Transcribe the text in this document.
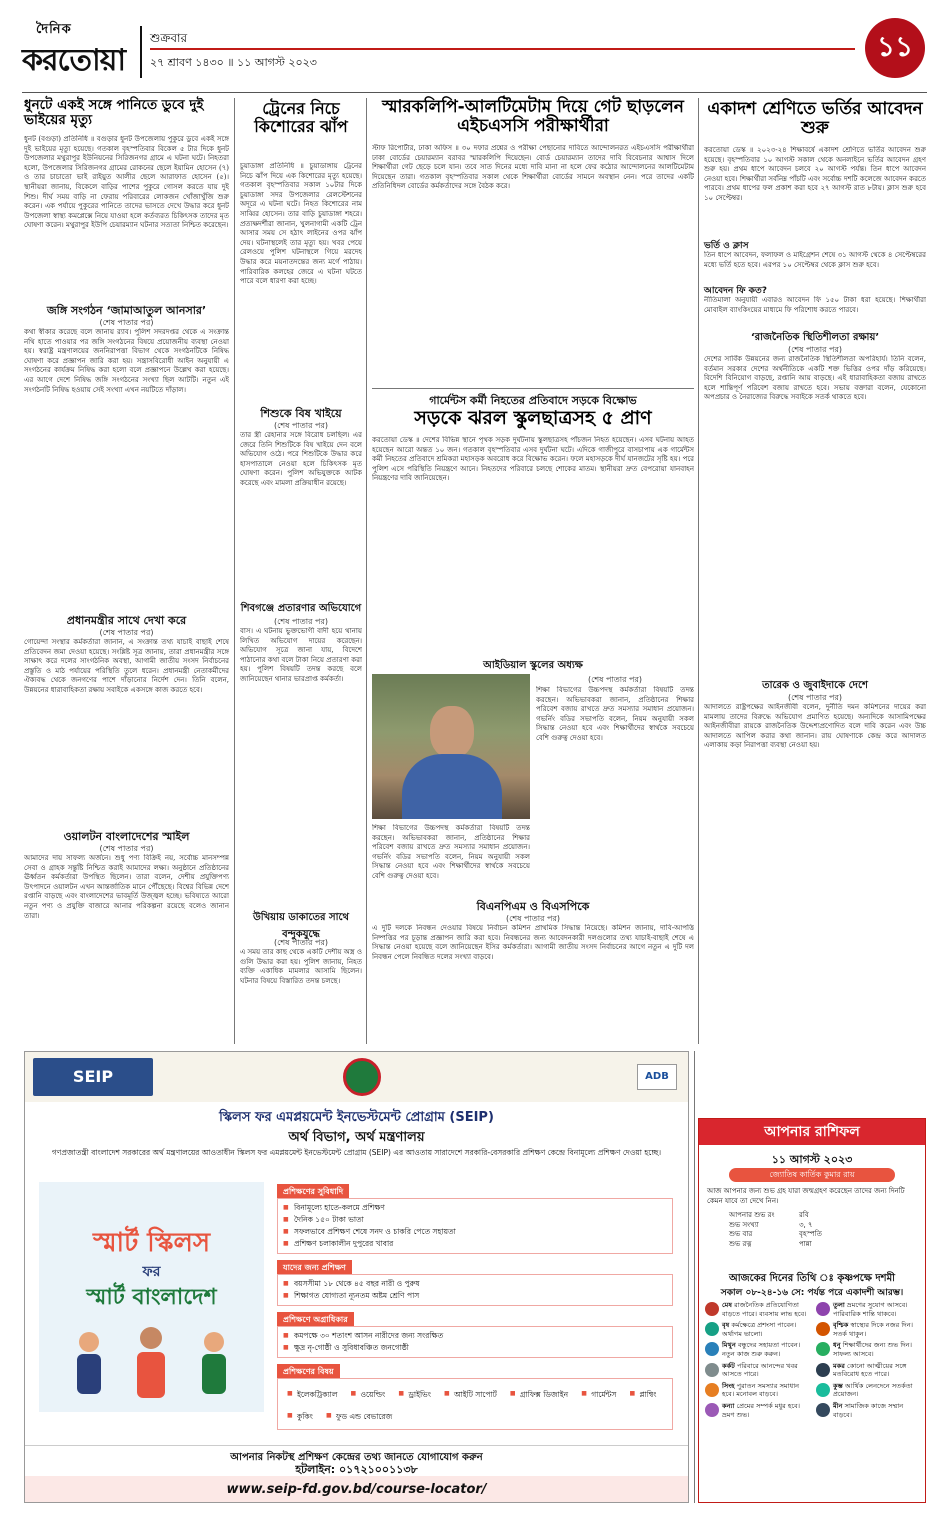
দৈনিক
করতোয়া
শুক্রবার
২৭ শ্রাবণ ১৪৩০ ॥ ১১ আগস্ট ২০২৩	১১
ধুনটে একই সঙ্গে পানিতে ডুবে দুই ভাইয়ের মৃত্যু
ধুনট (বগুড়া) প্রতিনিধি ॥ বগুড়ার ধুনট উপজেলায় পুকুরে ডুবে একই সঙ্গে দুই ভাইয়ের মৃত্যু হয়েছে। গতকাল বৃহস্পতিবার বিকেল ৫ টার দিকে ধুনট উপজেলার মথুরাপুর ইউনিয়নের সিরিজনগর গ্রামে এ ঘটনা ঘটে। নিহতরা হলো, উপজেলার সিরিজনগর গ্রামের রোকনের ছেলে ইয়ামিন হোসেন (৭) ও তার চাচাতো ভাই রাইয়ুত আলীর ছেলে আরাফাত হোসেন (৫)। স্থানীয়রা জানায়, বিকেলে বাড়ির পাশের পুকুরে গোসল করতে যায় দুই শিশু। দীর্ঘ সময় বাড়ি না ফেরায় পরিবারের লোকজন খোঁজাখুঁজি শুরু করেন। এক পর্যায়ে পুকুরের পানিতে তাদের ভাসতে দেখে উদ্ধার করে ধুনট উপজেলা স্বাস্থ্য কমপ্লেক্সে নিয়ে যাওয়া হলে কর্তব্যরত চিকিৎসক তাদের মৃত ঘোষণা করেন। মথুরাপুর ইউপি চেয়ারম্যান ঘটনার সত্যতা নিশ্চিত করেছেন।
জঙ্গি সংগঠন ‘জামাআতুল আনসার’
(শেষ পাতার পর)
কথা স্বীকার করেছে বলে জানায় র‌্যাব। পুলিশ সদরদপ্তর থেকে এ সংক্রান্ত নথি হাতে পাওয়ার পর জঙ্গি সংগঠনের বিষয়ে প্রয়োজনীয় ব্যবস্থা নেওয়া হয়। স্বরাষ্ট্র মন্ত্রণালয়ের জননিরাপত্তা বিভাগ থেকে সংগঠনটিকে নিষিদ্ধ ঘোষণা করে প্রজ্ঞাপন জারি করা হয়। সন্ত্রাসবিরোধী আইন অনুযায়ী এ সংগঠনের কার্যক্রম নিষিদ্ধ করা হলো বলে প্রজ্ঞাপনে উল্লেখ করা হয়েছে। এর আগে দেশে নিষিদ্ধ জঙ্গি সংগঠনের সংখ্যা ছিল আটটি। নতুন এই সংগঠনটি নিষিদ্ধ হওয়ায় সেই সংখ্যা এখন নয়টিতে দাঁড়াল।
প্রধানমন্ত্রীর সাথে দেখা করে
(শেষ পাতার পর)
গোয়েন্দা সংস্থার কর্মকর্তারা জানান, এ সংক্রান্ত তথ্য যাচাই বাছাই শেষে প্রতিবেদন জমা দেওয়া হয়েছে। সংশ্লিষ্ট সূত্র জানায়, তারা প্রধানমন্ত্রীর সঙ্গে সাক্ষাৎ করে দলের সাংগঠনিক অবস্থা, আগামী জাতীয় সংসদ নির্বাচনের প্রস্তুতি ও মাঠ পর্যায়ের পরিস্থিতি তুলে ধরেন। প্রধানমন্ত্রী নেতাকর্মীদের ঐক্যবদ্ধ থেকে জনগণের পাশে দাঁড়ানোর নির্দেশ দেন। তিনি বলেন, উন্নয়নের ধারাবাহিকতা রক্ষায় সবাইকে একসঙ্গে কাজ করতে হবে।
ওয়ালটন বাংলাদেশের স্মাইল
(শেষ পাতার পর)
আমাদের দায় সাফল্য অর্জনে। শুধু পণ্য বিক্রিই নয়, সর্বোচ্চ মানসম্পন্ন সেবা ও গ্রাহক সন্তুষ্টি নিশ্চিত করাই আমাদের লক্ষ্য। অনুষ্ঠানে প্রতিষ্ঠানের ঊর্ধ্বতন কর্মকর্তারা উপস্থিত ছিলেন। তারা বলেন, দেশীয় প্রযুক্তিপণ্য উৎপাদনে ওয়ালটন এখন আন্তর্জাতিক মানে পৌঁছেছে। বিশ্বের বিভিন্ন দেশে রপ্তানি বাড়ছে এবং বাংলাদেশের ভাবমূর্তি উজ্জ্বল হচ্ছে। ভবিষ্যতে আরো নতুন পণ্য ও প্রযুক্তি বাজারে আনার পরিকল্পনা রয়েছে বলেও জানান তারা।
ট্রেনের নিচে কিশোরের ঝাঁপ
চুয়াডাঙ্গা প্রতিনিধি ॥ চুয়াডাঙ্গায় ট্রেনের নিচে ঝাঁপ দিয়ে এক কিশোরের মৃত্যু হয়েছে। গতকাল বৃহস্পতিবার সকাল ১০টার দিকে চুয়াডাঙ্গা সদর উপজেলার রেলস্টেশনের অদূরে এ ঘটনা ঘটে। নিহত কিশোরের নাম সাব্বির হোসেন। তার বাড়ি চুয়াডাঙ্গা শহরে। প্রত্যক্ষদর্শীরা জানান, খুলনাগামী একটি ট্রেন আসার সময় সে হঠাৎ লাইনের ওপর ঝাঁপ দেয়। ঘটনাস্থলেই তার মৃত্যু হয়। খবর পেয়ে রেলওয়ে পুলিশ ঘটনাস্থলে গিয়ে মরদেহ উদ্ধার করে ময়নাতদন্তের জন্য মর্গে পাঠায়। পারিবারিক কলহের জেরে এ ঘটনা ঘটতে পারে বলে ধারণা করা হচ্ছে।
শিশুকে বিষ খাইয়ে
(শেষ পাতার পর)
তার স্ত্রী রেহানার সঙ্গে বিরোধ চলছিল। এর জেরে তিনি শিশুটিকে বিষ খাইয়ে দেন বলে অভিযোগ ওঠে। পরে শিশুটিকে উদ্ধার করে হাসপাতালে নেওয়া হলে চিকিৎসক মৃত ঘোষণা করেন। পুলিশ অভিযুক্তকে আটক করেছে এবং মামলা প্রক্রিয়াধীন রয়েছে।
শিবগঞ্জে প্রতারণার অভিযোগে
(শেষ পাতার পর)
বাস। এ ঘটনায় ভুক্তভোগী বাদী হয়ে থানায় লিখিত অভিযোগ দায়ের করেছেন। অভিযোগ সূত্রে জানা যায়, বিদেশে পাঠানোর কথা বলে টাকা নিয়ে প্রতারণা করা হয়। পুলিশ বিষয়টি তদন্ত করছে বলে জানিয়েছেন থানার ভারপ্রাপ্ত কর্মকর্তা।
উখিয়ায় ডাকাতের সাথে বন্দুকযুদ্ধে
(শেষ পাতার পর)
এ সময় তার কাছ থেকে একটি দেশীয় অস্ত্র ও গুলি উদ্ধার করা হয়। পুলিশ জানায়, নিহত ব্যক্তি একাধিক মামলার আসামি ছিলেন। ঘটনার বিষয়ে বিস্তারিত তদন্ত চলছে।
স্মারকলিপি-আলটিমেটাম দিয়ে গেট ছাড়লেন এইচএসসি পরীক্ষার্থীরা
স্টাফ রিপোর্টার, ঢাকা অফিস ॥ ৩০ দফার প্রশ্নের ও পরীক্ষা পেছানোর দাবিতে আন্দোলনরত এইচএসসি পরীক্ষার্থীরা ঢাকা বোর্ডের চেয়ারম্যান বরাবর স্মারকলিপি দিয়েছেন। বোর্ড চেয়ারম্যান তাদের দাবি বিবেচনার আশ্বাস দিলে শিক্ষার্থীরা গেট ছেড়ে চলে যান। তবে সাত দিনের মধ্যে দাবি মানা না হলে ফের কঠোর আন্দোলনের আলটিমেটাম দিয়েছেন তারা। গতকাল বৃহস্পতিবার সকাল থেকে শিক্ষার্থীরা বোর্ডের সামনে অবস্থান নেন। পরে তাদের একটি প্রতিনিধিদল বোর্ডের কর্মকর্তাদের সঙ্গে বৈঠক করে।
গার্মেন্টস কর্মী নিহতের প্রতিবাদে সড়কে বিক্ষোভ
সড়কে ঝরল স্কুলছাত্রসহ ৫ প্রাণ
করতোয়া ডেস্ক ॥ দেশের বিভিন্ন স্থানে পৃথক সড়ক দুর্ঘটনায় স্কুলছাত্রসহ পাঁচজন নিহত হয়েছেন। এসব ঘটনায় আহত হয়েছেন আরো অন্তত ১০ জন। গতকাল বৃহস্পতিবার এসব দুর্ঘটনা ঘটে। এদিকে গাজীপুরে বাসচাপায় এক গার্মেন্টস কর্মী নিহতের প্রতিবাদে শ্রমিকরা মহাসড়ক অবরোধ করে বিক্ষোভ করেন। ফলে মহাসড়কে দীর্ঘ যানজটের সৃষ্টি হয়। পরে পুলিশ এসে পরিস্থিতি নিয়ন্ত্রণে আনে। নিহতদের পরিবারে চলছে শোকের মাতম। স্থানীয়রা দ্রুত বেপরোয়া যানবাহন নিয়ন্ত্রণের দাবি জানিয়েছেন।
আইডিয়াল স্কুলের অধ্যক্ষ
(শেষ পাতার পর)
শিক্ষা বিভাগের উচ্চপদস্থ কর্মকর্তারা বিষয়টি তদন্ত করছেন। অভিভাবকরা জানান, প্রতিষ্ঠানের শিক্ষার পরিবেশ বজায় রাখতে দ্রুত সমস্যার সমাধান প্রয়োজন। গভর্নিং বডির সভাপতি বলেন, নিয়ম অনুযায়ী সকল সিদ্ধান্ত নেওয়া হবে এবং শিক্ষার্থীদের স্বার্থকে সবচেয়ে বেশি গুরুত্ব দেওয়া হবে।
শিক্ষা বিভাগের উচ্চপদস্থ কর্মকর্তারা বিষয়টি তদন্ত করছেন। অভিভাবকরা জানান, প্রতিষ্ঠানের শিক্ষার পরিবেশ বজায় রাখতে দ্রুত সমস্যার সমাধান প্রয়োজন। গভর্নিং বডির সভাপতি বলেন, নিয়ম অনুযায়ী সকল সিদ্ধান্ত নেওয়া হবে এবং শিক্ষার্থীদের স্বার্থকে সবচেয়ে বেশি গুরুত্ব দেওয়া হবে।
বিএনপিএম ও বিএসপিকে
(শেষ পাতার পর)
এ দুটি দলকে নিবন্ধন দেওয়ার বিষয়ে নির্বাচন কমিশন প্রাথমিক সিদ্ধান্ত নিয়েছে। কমিশন জানায়, দাবি-আপত্তি নিষ্পত্তির পর চূড়ান্ত প্রজ্ঞাপন জারি করা হবে। নিবন্ধনের জন্য আবেদনকারী দলগুলোর তথ্য যাচাই-বাছাই শেষে এ সিদ্ধান্ত নেওয়া হয়েছে বলে জানিয়েছেন ইসির কর্মকর্তারা। আগামী জাতীয় সংসদ নির্বাচনের আগে নতুন এ দুটি দল নিবন্ধন পেলে নিবন্ধিত দলের সংখ্যা বাড়বে।
একাদশ শ্রেণিতে ভর্তির আবেদন শুরু
করতোয়া ডেস্ক ॥ ২০২৩-২৪ শিক্ষাবর্ষে একাদশ শ্রেণিতে ভর্তির আবেদন শুরু হয়েছে। বৃহস্পতিবার ১০ আগস্ট সকাল থেকে অনলাইনে ভর্তির আবেদন গ্রহণ শুরু হয়। প্রথম ধাপে আবেদন চলবে ২০ আগস্ট পর্যন্ত। তিন ধাপে আবেদন নেওয়া হবে। শিক্ষার্থীরা সর্বনিম্ন পাঁচটি এবং সর্বোচ্চ দশটি কলেজে আবেদন করতে পারবে। প্রথম ধাপের ফল প্রকাশ করা হবে ২৭ আগস্ট রাত ৮টায়। ক্লাস শুরু হবে ১০ সেপ্টেম্বর।
ভর্তি ও ক্লাস
তিন ধাপে আবেদন, ফলাফল ও মাইগ্রেশন শেষে ৩১ আগস্ট থেকে ৪ সেপ্টেম্বরের মধ্যে ভর্তি হতে হবে। এরপর ১০ সেপ্টেম্বর থেকে ক্লাস শুরু হবে।
আবেদন ফি কত?
নীতিমালা অনুযায়ী এবারও আবেদন ফি ১৫০ টাকা ধরা হয়েছে। শিক্ষার্থীরা মোবাইল ব্যাংকিংয়ের মাধ্যমে ফি পরিশোধ করতে পারবে।
‘রাজনৈতিক স্থিতিশীলতা রক্ষায়’
(শেষ পাতার পর)
দেশের সার্বিক উন্নয়নের জন্য রাজনৈতিক স্থিতিশীলতা অপরিহার্য। তিনি বলেন, বর্তমান সরকার দেশের অর্থনীতিকে একটি শক্ত ভিত্তির ওপর দাঁড় করিয়েছে। বিদেশি বিনিয়োগ বাড়ছে, রপ্তানি আয় বাড়ছে। এই ধারাবাহিকতা বজায় রাখতে হলে শান্তিপূর্ণ পরিবেশ বজায় রাখতে হবে। সভায় বক্তারা বলেন, যেকোনো অপপ্রচার ও নৈরাজ্যের বিরুদ্ধে সবাইকে সতর্ক থাকতে হবে।
তারেক ও জুবাইদাকে দেশে
(শেষ পাতার পর)
আদালতে রাষ্ট্রপক্ষের আইনজীবী বলেন, দুর্নীতি দমন কমিশনের দায়ের করা মামলায় তাদের বিরুদ্ধে অভিযোগ প্রমাণিত হয়েছে। অন্যদিকে আসামিপক্ষের আইনজীবীরা রায়কে রাজনৈতিক উদ্দেশ্যপ্রণোদিত বলে দাবি করেন এবং উচ্চ আদালতে আপিল করার কথা জানান। রায় ঘোষণাকে কেন্দ্র করে আদালত এলাকায় কড়া নিরাপত্তা ব্যবস্থা নেওয়া হয়।
SEIP	ADB
স্কিলস ফর এমপ্লয়মেন্ট ইনভেস্টমেন্ট প্রোগ্রাম (SEIP)
অর্থ বিভাগ, অর্থ মন্ত্রণালয়
গণপ্রজাতন্ত্রী বাংলাদেশ সরকারের অর্থ মন্ত্রণালয়ের আওতাধীন স্কিলস ফর এমপ্লয়মেন্ট ইনভেস্টমেন্ট প্রোগ্রাম (SEIP) এর আওতায় সারাদেশে সরকারি-বেসরকারি প্রশিক্ষণ কেন্দ্রে বিনামূল্যে প্রশিক্ষণ দেওয়া হচ্ছে।
স্মার্ট স্কিলস
ফর
স্মার্ট বাংলাদেশ
প্রশিক্ষণের সুবিধাদি
■ বিনামূল্যে হাতে-কলমে প্রশিক্ষণ
■ দৈনিক ১৫০ টাকা ভাতা
■ সফলভাবে প্রশিক্ষণ শেষে সনদ ও চাকরি পেতে সহায়তা
■ প্রশিক্ষণ চলাকালীন দুপুরের খাবার
যাদের জন্য প্রশিক্ষণ
■ বয়সসীমা ১৮ থেকে ৪৫ বছর নারী ও পুরুষ
■ শিক্ষাগত যোগ্যতা ন্যূনতম অষ্টম শ্রেণি পাস
প্রশিক্ষণে অগ্রাধিকার
■ কমপক্ষে ৩০ শতাংশ আসন নারীদের জন্য সংরক্ষিত
■ ক্ষুদ্র নৃ-গোষ্ঠী ও সুবিধাবঞ্চিত জনগোষ্ঠী
প্রশিক্ষণের বিষয়
■ ইলেকট্রিক্যাল	■ ওয়েল্ডিং	■ ড্রাইভিং	■ আইটি সাপোর্ট	■ গ্রাফিক্স ডিজাইন	■ গার্মেন্টস	■ প্লাম্বিং ■ কুকিং	■ ফুড এন্ড বেভারেজ
আপনার নিকটস্থ প্রশিক্ষণ কেন্দ্রের তথ্য জানতে যোগাযোগ করুন
হটলাইন: ০১৭২১০০১১৩৮
www.seip-fd.gov.bd/course-locator/
আপনার রাশিফল
১১ আগস্ট ২০২৩
জ্যোতিষ কার্তিক কুমার রায়
আজ আপনার জন্য শুভ গ্রহ যারা জন্মগ্রহণ করেছেন তাদের জন্য দিনটি কেমন যাবে তা দেখে নিন।
আপনার শুভ রং	রবি
শুভ সংখ্যা	৩, ৭
শুভ বার	বৃহস্পতি
শুভ রত্ন	পান্না
আজকের দিনের তিথি ঃ কৃষ্ণপক্ষে দশমী
সকাল ০৮-২৪-১৬ সে: পর্যন্ত পরে একাদশী আরম্ভ।
মেষ রাজনৈতিক প্রতিযোগিতা বাড়তে পারে। ব্যবসায় লাভ হবে।
তুলা ভ্রমণের সুযোগ আসবে। পারিবারিক শান্তি থাকবে।
বৃষ কর্মক্ষেত্রে প্রশংসা পাবেন। অর্থাগম ভালো।
বৃশ্চিক স্বাস্থ্যের দিকে নজর দিন। সতর্ক থাকুন।
মিথুন বন্ধুদের সহায়তা পাবেন। নতুন কাজ শুরু করুন।
ধনু শিক্ষার্থীদের জন্য শুভ দিন। সাফল্য আসবে।
কর্কট পরিবারে আনন্দের খবর আসতে পারে।
মকর কোনো আত্মীয়ের সঙ্গে মতবিরোধ হতে পারে।
সিংহ পুরাতন সমস্যার সমাধান হবে। মনোবল বাড়বে।
কুম্ভ আর্থিক লেনদেনে সতর্কতা প্রয়োজন।
কন্যা প্রেমের সম্পর্ক মধুর হবে। ভ্রমণ শুভ।
মীন সামাজিক কাজে সম্মান বাড়বে।
